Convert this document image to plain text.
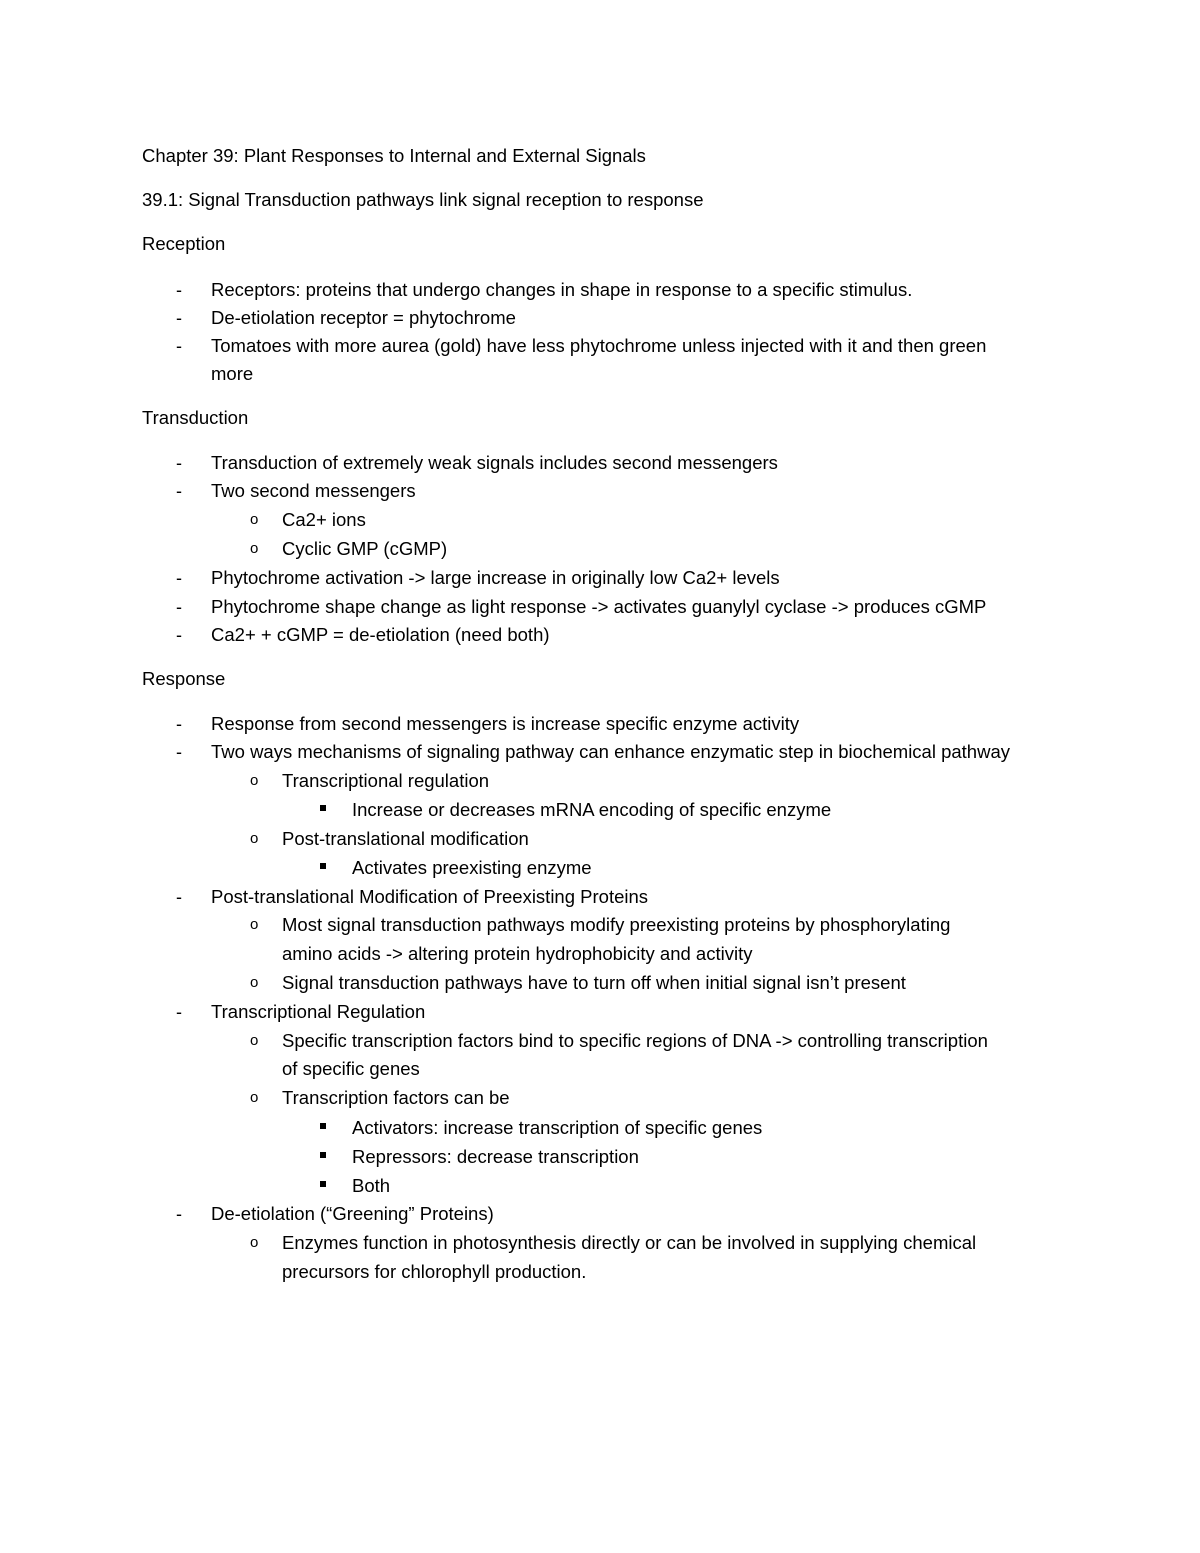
Chapter 39: Plant Responses to Internal and External Signals
39.1: Signal Transduction pathways link signal reception to response
Reception
- Receptors: proteins that undergo changes in shape in response to a specific stimulus.
- De-etiolation receptor = phytochrome
- Tomatoes with more aurea (gold) have less phytochrome unless injected with it and then green
more
Transduction
- Transduction of extremely weak signals includes second messengers
- Two second messengers
o Ca2+ ions
o Cyclic GMP (cGMP)
- Phytochrome activation -> large increase in originally low Ca2+ levels
- Phytochrome shape change as light response -> activates guanylyl cyclase -> produces cGMP
- Ca2+ + cGMP = de-etiolation (need both)
Response
- Response from second messengers is increase specific enzyme activity
- Two ways mechanisms of signaling pathway can enhance enzymatic step in biochemical pathway
o Transcriptional regulation
Increase or decreases mRNA encoding of specific enzyme
o Post-translational modification
Activates preexisting enzyme
- Post-translational Modification of Preexisting Proteins
o Most signal transduction pathways modify preexisting proteins by phosphorylating
amino acids -> altering protein hydrophobicity and activity
o Signal transduction pathways have to turn off when initial signal isn’t present
- Transcriptional Regulation
o Specific transcription factors bind to specific regions of DNA -> controlling transcription
of specific genes
o Transcription factors can be
Activators: increase transcription of specific genes
Repressors: decrease transcription
Both
- De-etiolation (“Greening” Proteins)
o Enzymes function in photosynthesis directly or can be involved in supplying chemical
precursors for chlorophyll production.
